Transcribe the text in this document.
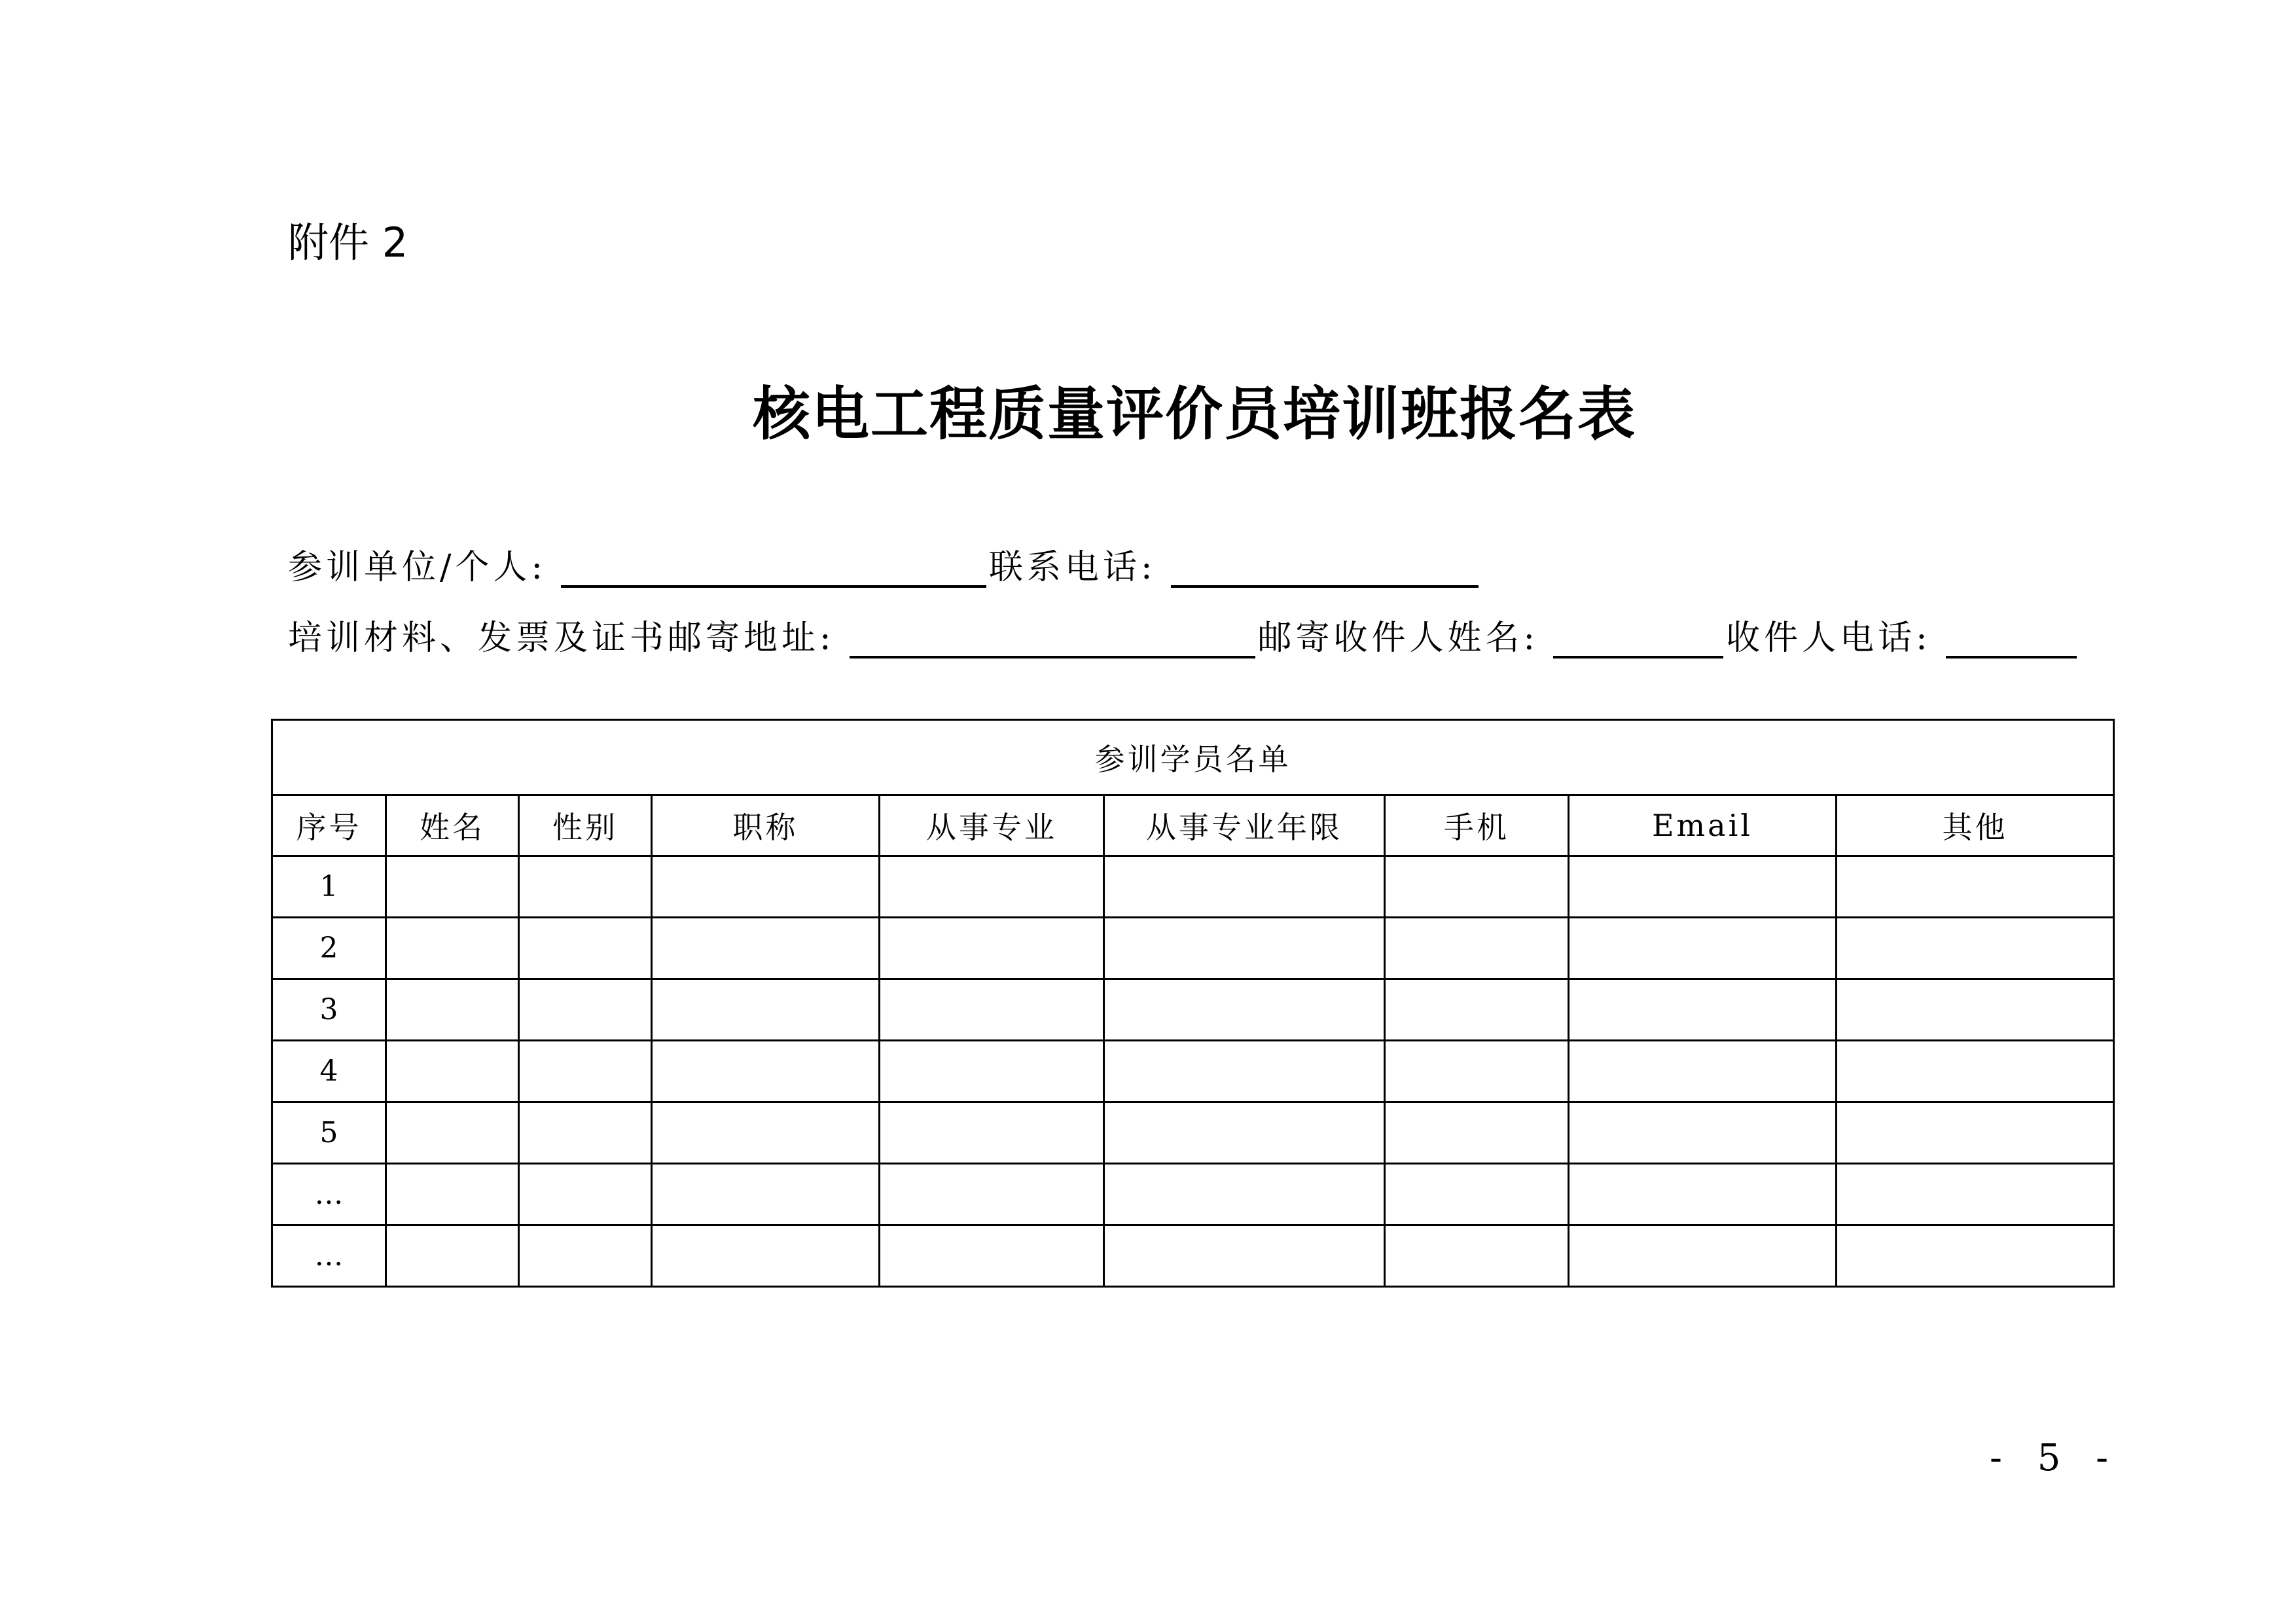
附件 2
核电工程质量评价员培训班报名表
参训单位/个人:	联系电话:
培训材料、发票及证书邮寄地址:	邮寄收件人姓名:	收件人电话:
参训学员名单								
序号	姓名	性别	职称	从事专业	从事专业年限	手机	Email	其他
1								
2								
3								
4								
5								
…								
…								
- 5 -
